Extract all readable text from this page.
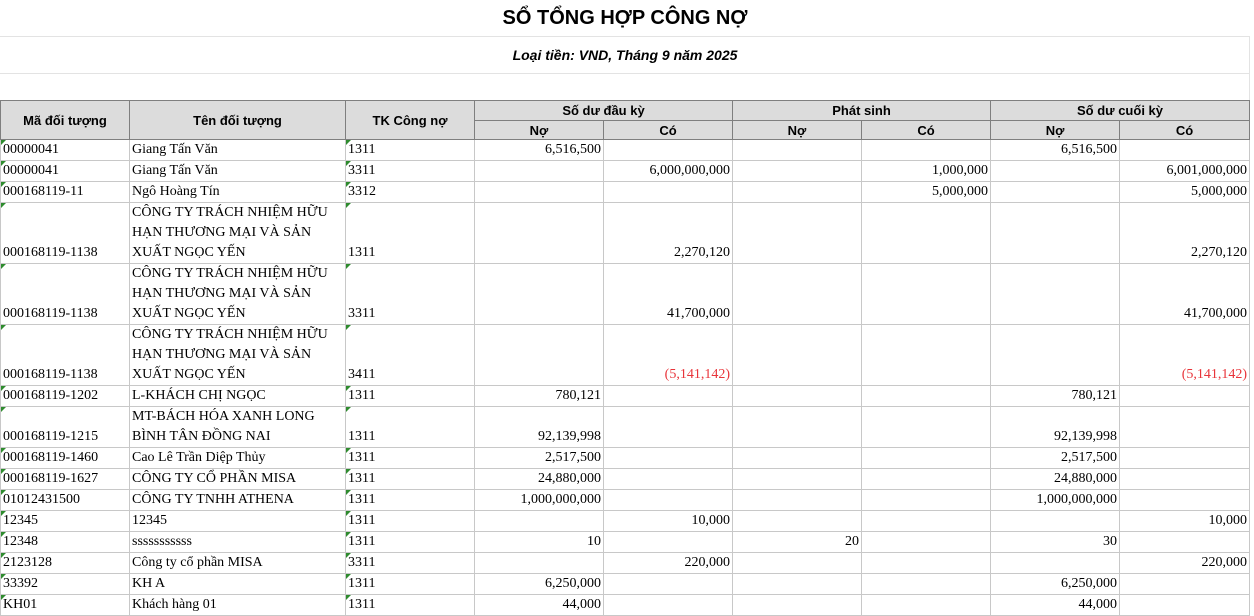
SỔ TỔNG HỢP CÔNG NỢ
Loại tiền: VND, Tháng 9 năm 2025
Mã đối tượng	Tên đối tượng	TK Công nợ	Số dư đầu kỳ		Phát sinh		Số dư cuối kỳ	
			Nợ	Có	Nợ	Có	Nợ	Có
00000041	Giang Tấn Văn	1311	6,516,500				6,516,500	
00000041	Giang Tấn Văn	3311		6,000,000,000		1,000,000		6,001,000,000
000168119-11	Ngô Hoàng Tín	3312				5,000,000		5,000,000
000168119-1138	CÔNG TY TRÁCH NHIỆM HỮU HẠN THƯƠNG MẠI VÀ SẢN XUẤT NGỌC YẾN	1311		2,270,120				2,270,120
000168119-1138	CÔNG TY TRÁCH NHIỆM HỮU HẠN THƯƠNG MẠI VÀ SẢN XUẤT NGỌC YẾN	3311		41,700,000				41,700,000
000168119-1138	CÔNG TY TRÁCH NHIỆM HỮU HẠN THƯƠNG MẠI VÀ SẢN XUẤT NGỌC YẾN	3411		(5,141,142)				(5,141,142)
000168119-1202	L-KHÁCH CHỊ NGỌC	1311	780,121				780,121	
000168119-1215	MT-BÁCH HÓA XANH LONG BÌNH TÂN ĐỒNG NAI	1311	92,139,998				92,139,998	
000168119-1460	Cao Lê Trần Diệp Thủy	1311	2,517,500				2,517,500	
000168119-1627	CÔNG TY CỔ PHẦN MISA	1311	24,880,000				24,880,000	
01012431500	CÔNG TY TNHH ATHENA	1311	1,000,000,000				1,000,000,000	
12345	12345	1311		10,000				10,000
12348	sssssssssss	1311	10		20		30	
2123128	Công ty cổ phần MISA	3311		220,000				220,000
33392	KH A	1311	6,250,000				6,250,000	
KH01	Khách hàng 01	1311	44,000				44,000	
